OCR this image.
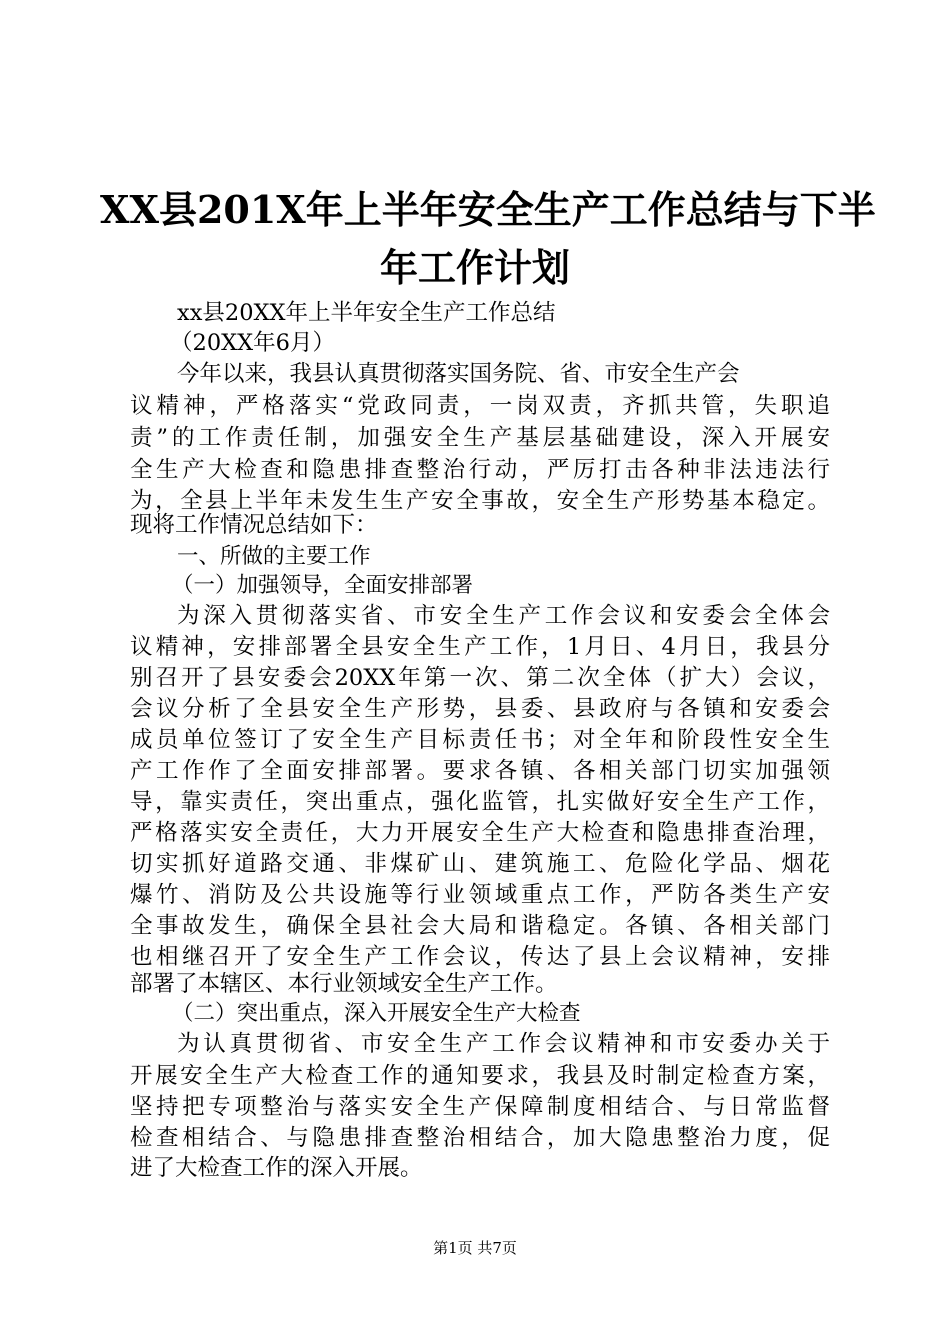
XX县201X年上半年安全生产工作总结与下半
年工作计划
xx县20XX年上半年安全生产工作总结
（20XX年6月）
今年以来，我县认真贯彻落实国务院、省、市安全生产会
议精神，严格落实“党政同责，一岗双责，齐抓共管，失职追
责”的工作责任制，加强安全生产基层基础建设，深入开展安
全生产大检查和隐患排查整治行动，严厉打击各种非法违法行
为，全县上半年未发生生产安全事故，安全生产形势基本稳定。
现将工作情况总结如下：
一、所做的主要工作
（一）加强领导，全面安排部署
为深入贯彻落实省、市安全生产工作会议和安委会全体会
议精神，安排部署全县安全生产工作，1月日、4月日，我县分
别召开了县安委会20XX年第一次、第二次全体（扩大）会议，
会议分析了全县安全生产形势，县委、县政府与各镇和安委会
成员单位签订了安全生产目标责任书；对全年和阶段性安全生
产工作作了全面安排部署。要求各镇、各相关部门切实加强领
导，靠实责任，突出重点，强化监管，扎实做好安全生产工作，
严格落实安全责任，大力开展安全生产大检查和隐患排查治理，
切实抓好道路交通、非煤矿山、建筑施工、危险化学品、烟花
爆竹、消防及公共设施等行业领域重点工作，严防各类生产安
全事故发生，确保全县社会大局和谐稳定。各镇、各相关部门
也相继召开了安全生产工作会议，传达了县上会议精神，安排
部署了本辖区、本行业领域安全生产工作。
（二）突出重点，深入开展安全生产大检查
为认真贯彻省、市安全生产工作会议精神和市安委办关于
开展安全生产大检查工作的通知要求，我县及时制定检查方案，
坚持把专项整治与落实安全生产保障制度相结合、与日常监督
检查相结合、与隐患排查整治相结合，加大隐患整治力度，促
进了大检查工作的深入开展。
第1页 共7页
